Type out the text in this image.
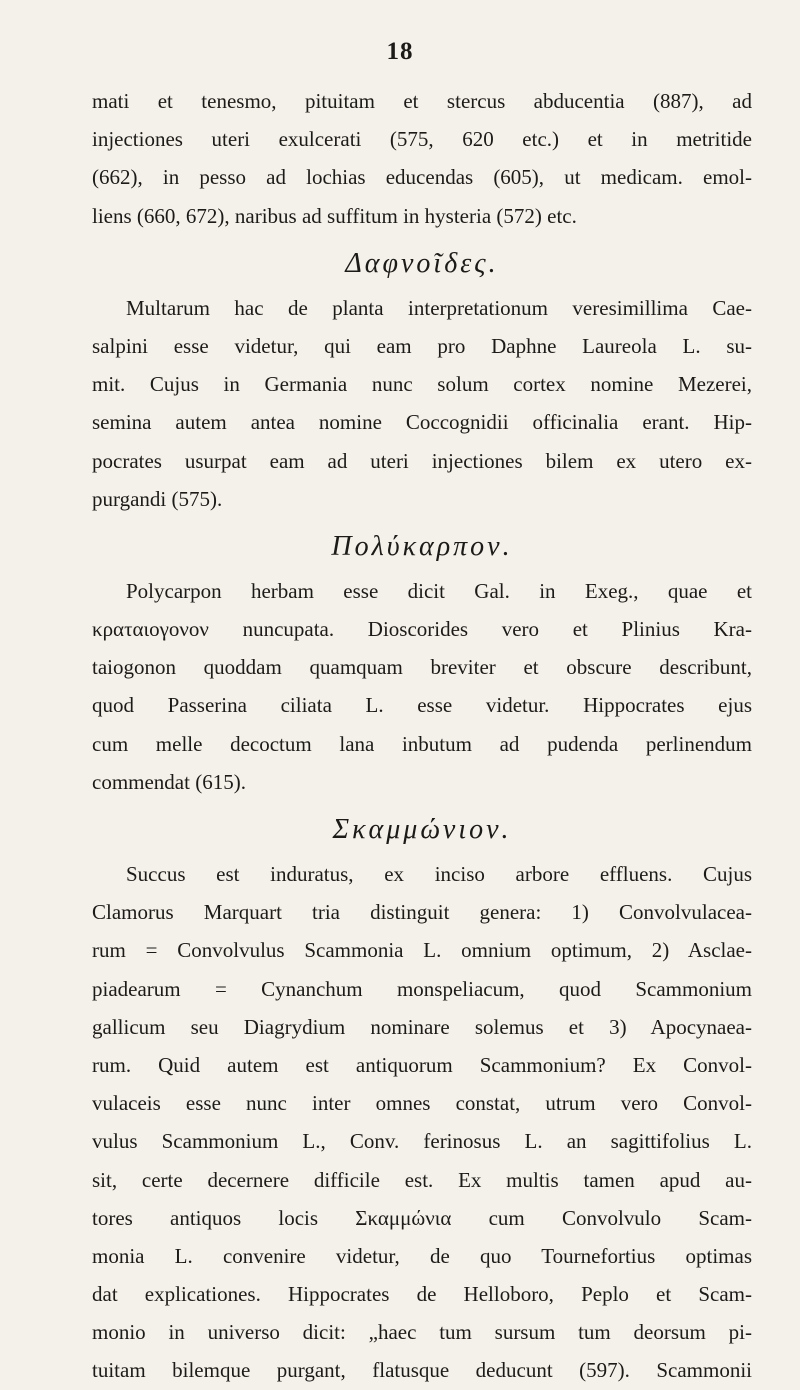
18
mati et tenesmo, pituitam et stercus abducentia (887), ad
injectiones uteri exulcerati (575, 620 etc.) et in metritide
(662), in pesso ad lochias educendas (605), ut medicam. emol-
liens (660, 672), naribus ad suffitum in hysteria (572) etc.
Δαφνοῖδες.
Multarum hac de planta interpretationum veresimillima Cae-
salpini esse videtur, qui eam pro Daphne Laureola L. su-
mit. Cujus in Germania nunc solum cortex nomine Mezerei,
semina autem antea nomine Coccognidii officinalia erant. Hip-
pocrates usurpat eam ad uteri injectiones bilem ex utero ex-
purgandi (575).
Πολύκαρπον.
Polycarpon herbam esse dicit Gal. in Exeg., quae et
κραταιογονον nuncupata. Dioscorides vero et Plinius Kra-
taiogonon quoddam quamquam breviter et obscure describunt,
quod Passerina ciliata L. esse videtur. Hippocrates ejus
cum melle decoctum lana inbutum ad pudenda perlinendum
commendat (615).
Σκαμμώνιον.
Succus est induratus, ex inciso arbore effluens. Cujus
Clamorus Marquart tria distinguit genera: 1) Convolvulacea-
rum = Convolvulus Scammonia L. omnium optimum, 2) Asclae-
piadearum = Cynanchum monspeliacum, quod Scammonium
gallicum seu Diagrydium nominare solemus et 3) Apocynaea-
rum. Quid autem est antiquorum Scammonium? Ex Convol-
vulaceis esse nunc inter omnes constat, utrum vero Convol-
vulus Scammonium L., Conv. ferinosus L. an sagittifolius L.
sit, certe decernere difficile est. Ex multis tamen apud au-
tores antiquos locis Σκαμμώνια cum Convolvulo Scam-
monia L. convenire videtur, de quo Tournefortius optimas
dat explicationes. Hippocrates de Helloboro, Peplo et Scam-
monio in universo dicit: „haec tum sursum tum deorsum pi-
tuitam bilemque purgant, flatusque deducunt (597). Scammonii
